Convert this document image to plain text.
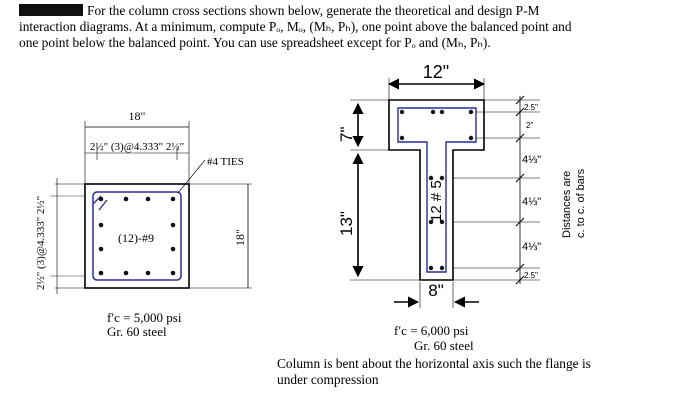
For the column cross sections shown below, generate the theoretical and design P-M
interaction diagrams. At a minimum, compute Pₒ, Mₒ, (Mₕ, Pₕ), one point above the balanced point and
one point below the balanced point. You can use spreadsheet except for Pₒ and (Mₕ, Pₕ).
18"
2½" (3)@4.333" 2½"
(12)-#9
#4 TIES
18"
2½" (3)@4.333" 2½"
f′c = 5,000 psi
Gr. 60 steel
12"
12 # 5
7"
13"
8"
2.5"
2"
4⅓"
4⅓"
4⅓"
2.5"
Distances are c. to c. of bars
f′c = 6,000 psi
Gr. 60 steel
Column is bent about the horizontal axis such the flange is
under compression
